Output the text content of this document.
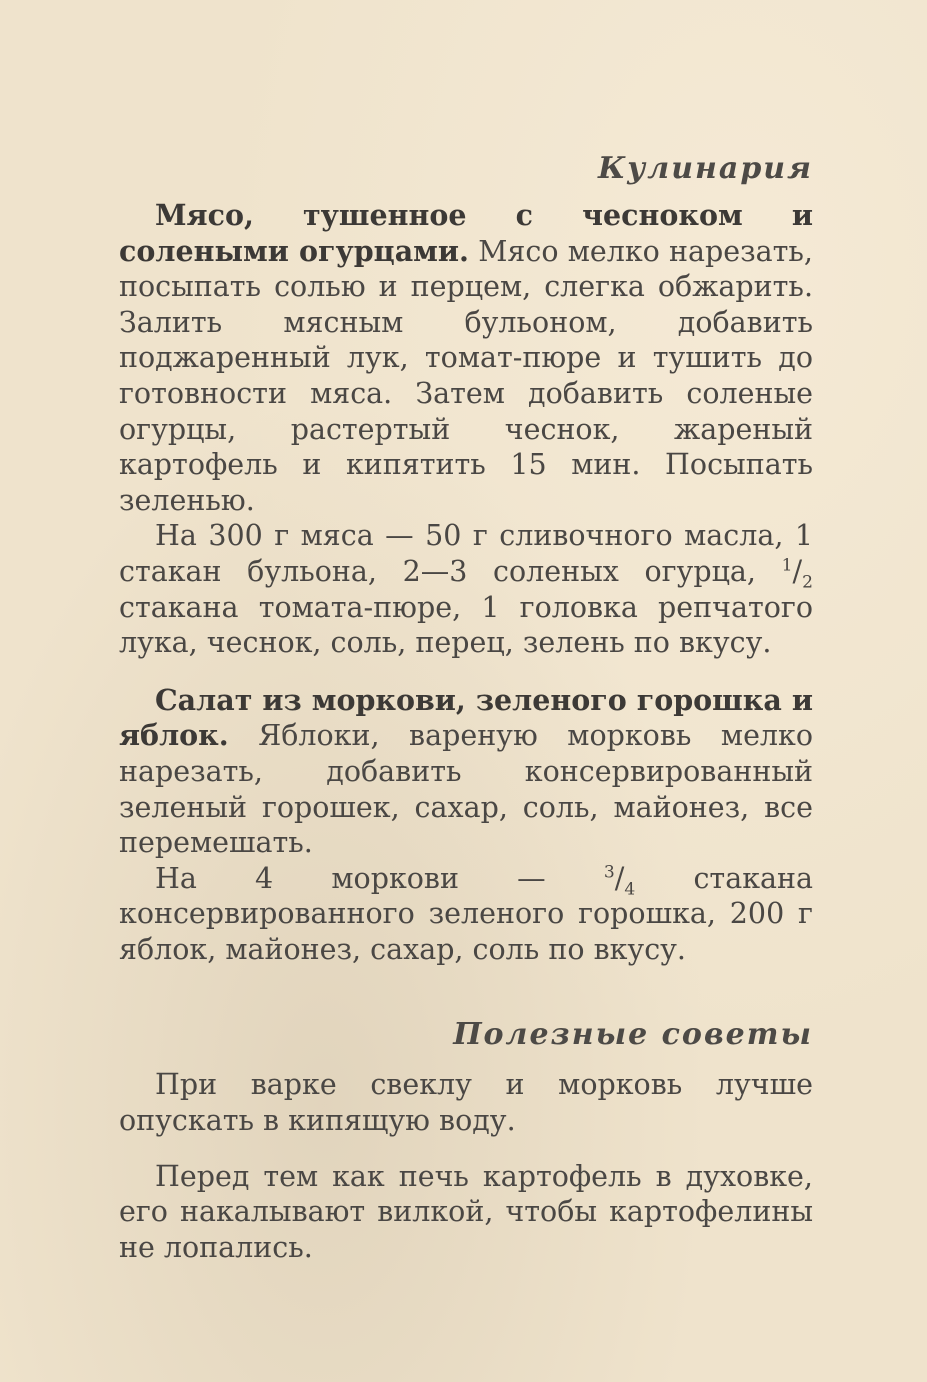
Кулинария

Мясо, тушенное с чесноком и солеными огурцами. Мясо мелко нарезать, посыпать солью и перцем, слегка обжарить. Залить мясным бульоном, добавить поджаренный лук, томат-пюре и тушить до готовности мяса. Затем добавить соленые огурцы, растертый чеснок, жареный картофель и кипятить 15 мин. Посыпать зеленью.

На 300 г мяса — 50 г сливочного масла, 1 стакан бульона, 2—3 соленых огурца, $^1/_2$ стакана томата-пюре, 1 головка репчатого лука, чеснок, соль, перец, зелень по вкусу.

Салат из моркови, зеленого горошка и яблок. Яблоки, вареную морковь мелко нарезать, добавить консервированный зеленый горошек, сахар, соль, майонез, все перемешать.

На 4 моркови — $^3/_4$ стакана консервированного зеленого горошка, 200 г яблок, майонез, сахар, соль по вкусу.

Полезные советы

При варке свеклу и морковь лучше опускать в кипящую воду.

Перед тем как печь картофель в духовке, его накалывают вилкой, чтобы картофелины не лопались.
